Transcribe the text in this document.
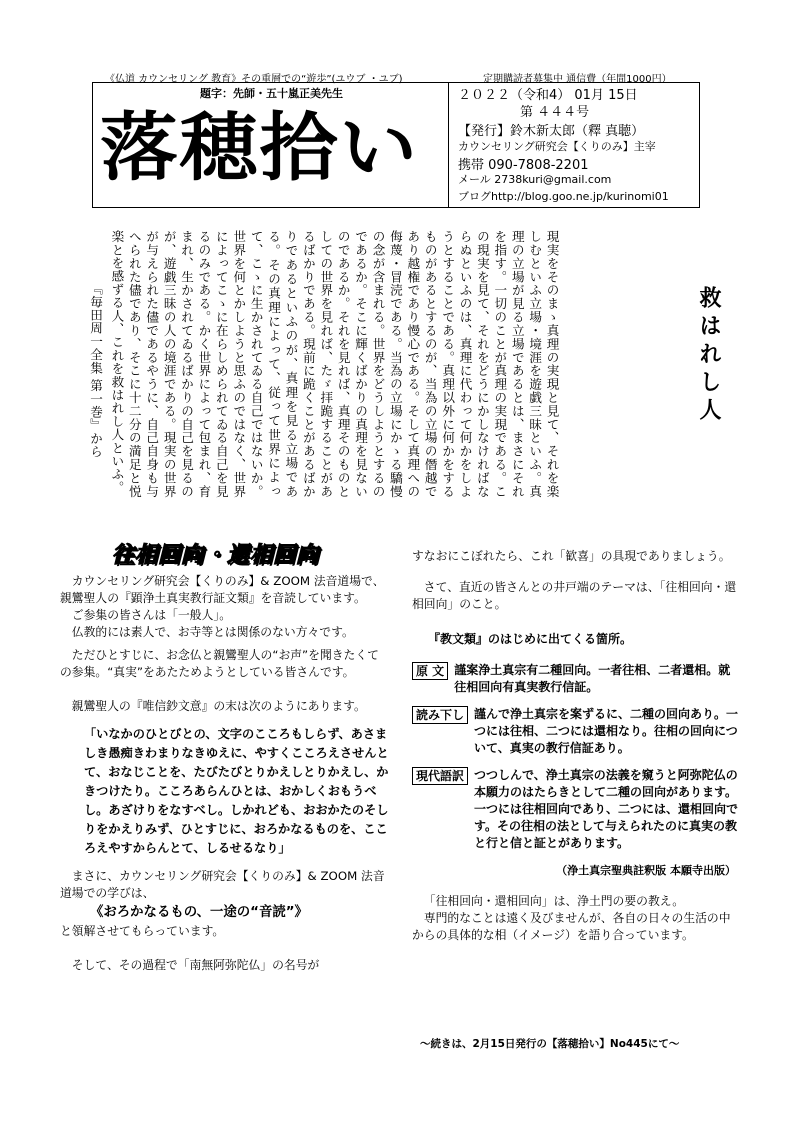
《仏道 カウンセリング 教育》その重層での“遊歩”(ユウブ ・ユブ)	定期購読者募集中 通信費（年間1000円）
題字：先師・五十嵐正美先生
落穂拾い
２０２２（令和4） 01月 15日
第 ４４４号
【発行】鈴木新太郎（釋 真聴）
カウンセリング研究会【くりのみ】主宰
携帯 090-7808-2201
メール 2738kuri@gmail.com
ブログhttp://blog.goo.ne.jp/kurinomi01
救はれし人

現実をそのまゝ真理の実現と見て、それを楽しむといふ立場・境涯を遊戯三昧といふ。真理の立場が見る立場であるとは、まさにそれを指す。一切のことが真理の実現である。この現実を見て、それをどうにかしなければならぬといふのは、真理に代わって何かをしようとすることである。真理以外に何かをするものがあるとするのが、当為の立場の僭越であり越権であり慢心である。そして真理への侮蔑・冒涜である。当為の立場にかゝる驕慢の念が含まれる。世界をどうしようとするのであるか。そこに輝くばかりの真理を見ないのであるか。それを見れば、真理そのものとしての世界を見れば、たゞ拝跪することがあるばかりである。現前に跪くことがあるばかりであるといふのが、真理を見る立場である。その真理によって、従って世界によって、こゝに生かされてゐる自己ではないか。世界を何とかしようと思ふのではなく、世界によってこゝに在らしめられてゐる自己を見るのみである。かく世界によって包まれ、育まれ、生かされてゐるばかりの自己を見るのが、遊戯三昧の人の境涯である。現実の世界が与えられた儘であるやうに、自己自身も与へられた儘であり、そこに十二分の満足と悦楽とを感ずる人、これを救はれし人といふ。

『毎田周一全集 第一巻』から
往相回向・還相回向

カウンセリング研究会【くりのみ】& ZOOM 法音道場で、親鸞聖人の『顕浄土真実教行証文類』を音読しています。

ご参集の皆さんは「一般人」。

仏教的には素人で、お寺等とは関係のない方々です。

ただひとすじに、お念仏と親鸞聖人の“お声”を聞きたくての参集。“真実”をあたためようとしている皆さんです。

親鸞聖人の『唯信鈔文意』の末は次のようにあります。

「いなかのひとびとの、文字のこころもしらず、あさましき愚痴きわまりなきゆえに、やすくこころえさせんとて、おなじことを、たびたびとりかえしとりかえし、かきつけたり。こころあらんひとは、おかしくおもうべし。あざけりをなすべし。しかれども、おおかたのそしりをかえりみず、ひとすじに、おろかなるものを、こころえやすからんとて、しるせるなり」

まさに、カウンセリング研究会【くりのみ】& ZOOM 法音道場での学びは、

《おろかなるもの、一途の“音読”》

と領解させてもらっています。

そして、その過程で「南無阿弥陀仏」の名号が

すなおにこぼれたら、これ「歓喜」の具現でありましょう。

さて、直近の皆さんとの井戸端のテーマは、「往相回向・還相回向」のこと。

『教文類』のはじめに出てくる箇所。

原 文 謹案浄土真宗有二種回向。一者往相、二者還相。就往相回向有真実教行信証。
読み下し 謹んで浄土真宗を案ずるに、二種の回向あり。一つには往相、二つには還相なり。往相の回向について、真実の教行信証あり。
現代語訳 つつしんで、浄土真宗の法義を窺うと阿弥陀仏の本願力のはたらきとして二種の回向があります。一つには往相回向であり、二つには、還相回向です。その往相の法として与えられたのに真実の教と行と信と証とがあります。

（浄土真宗聖典註釈版 本願寺出版）

「往相回向・還相回向」は、浄土門の要の教え。

専門的なことは遠く及びませんが、各自の日々の生活の中からの具体的な相（イメージ）を語り合っています。

～続きは、2月15日発行の【落穂拾い】No445にて～
